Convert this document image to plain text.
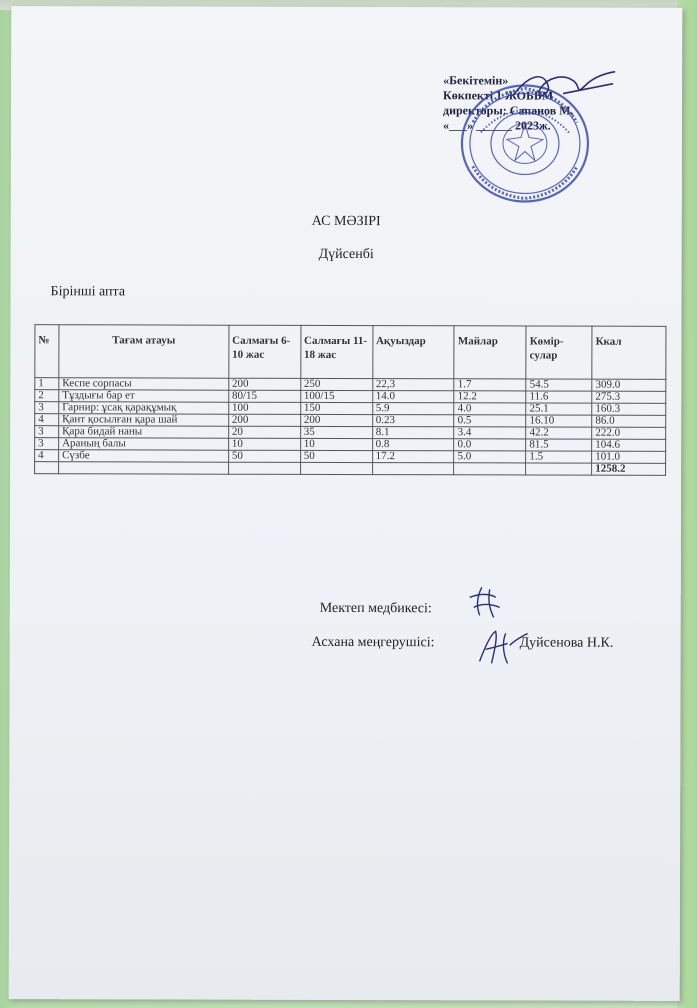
«Бекітемін»
Көкпекті 1 ЖОББМ
директоры: Сапанов М.
«___» ______ 2023ж.
АС МӘЗІРІ
Дүйсенбі
Бірінші апта
№	Тағам атауы	Салмағы 6-10 жас	Салмағы 11-18 жас	Ақуыздар	Майлар	Көмір-сулар	Ккал
1	Кеспе сорпасы	200	250	22,3	1.7	54.5	309.0
2	Тұздығы бар ет	80/15	100/15	14.0	12.2	11.6	275.3
3	Гарнир: ұсақ қарақұмық	100	150	5.9	4.0	25.1	160.3
4	Қант қосылған қара шай	200	200	0.23	0.5	16.10	86.0
3	Қара бидай наны	20	35	8.1	3.4	42.2	222.0
3	Араның балы	10	10	0.8	0.0	81.5	104.6
4	Сүзбе	50	50	17.2	5.0	1.5	101.0
							1258.2
Мектеп медбикесі:
Асхана меңгерушісі:	Дуйсенова Н.К.
